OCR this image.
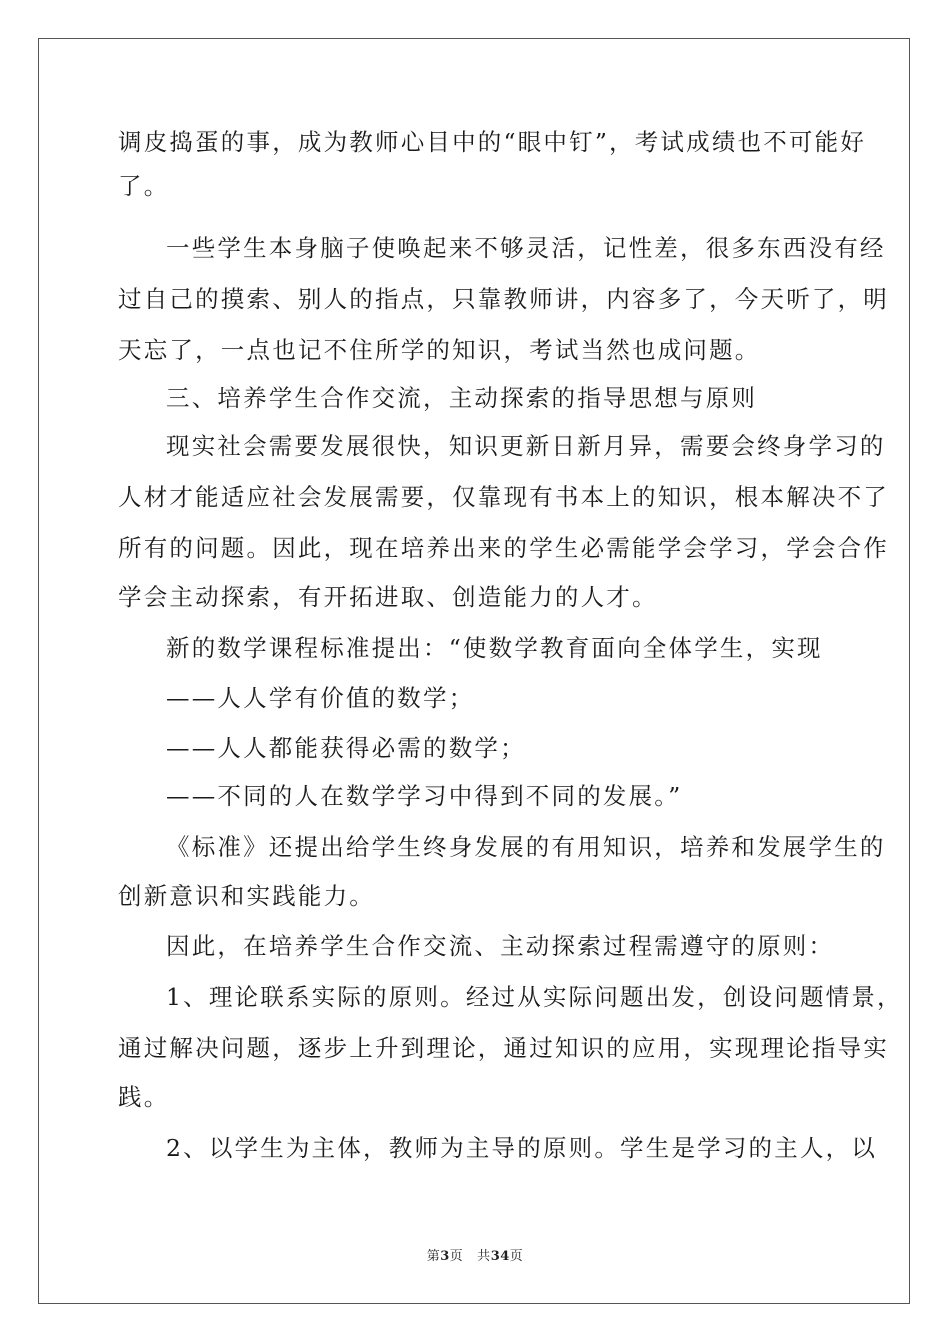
调皮捣蛋的事，成为教师心目中的“眼中钉”，考试成绩也不可能好
了。
一些学生本身脑子使唤起来不够灵活，记性差，很多东西没有经
过自己的摸索、别人的指点，只靠教师讲，内容多了，今天听了，明
天忘了，一点也记不住所学的知识，考试当然也成问题。
三、培养学生合作交流，主动探索的指导思想与原则
现实社会需要发展很快，知识更新日新月异，需要会终身学习的
人材才能适应社会发展需要，仅靠现有书本上的知识，根本解决不了
所有的问题。因此，现在培养出来的学生必需能学会学习，学会合作
学会主动探索，有开拓进取、创造能力的人才。
新的数学课程标准提出：“使数学教育面向全体学生，实现
——人人学有价值的数学；
——人人都能获得必需的数学；
——不同的人在数学学习中得到不同的发展。”
《标准》还提出给学生终身发展的有用知识，培养和发展学生的
创新意识和实践能力。
因此，在培养学生合作交流、主动探索过程需遵守的原则：
1、理论联系实际的原则。经过从实际问题出发，创设问题情景，
通过解决问题，逐步上升到理论，通过知识的应用，实现理论指导实
践。
2、以学生为主体，教师为主导的原则。学生是学习的主人，以
第3页 共34页
